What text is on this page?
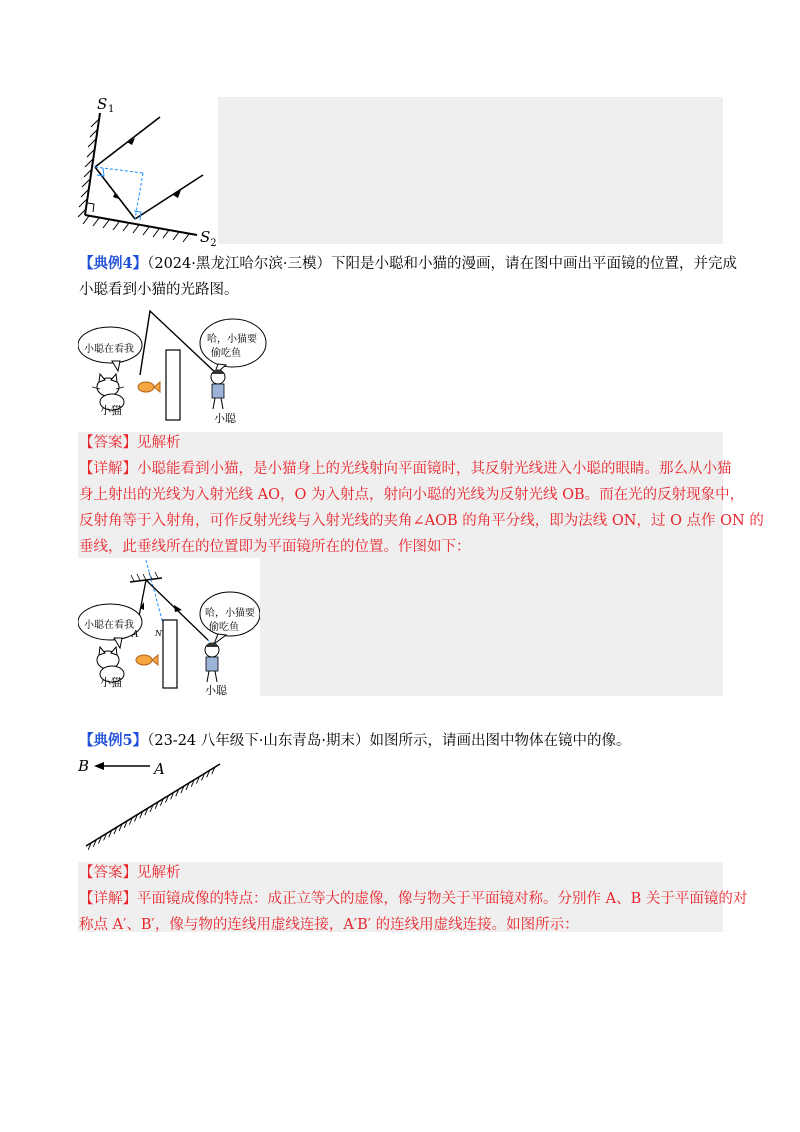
S 1
$S_2$
【典例4】（2024·黑龙江哈尔滨·三模）下阳是小聪和小猫的漫画，请在图中画出平面镜的位置，并完成
小聪看到小猫的光路图。
小聪在看我
哈，小猫要
偷吃鱼
小猫
小聪
【答案】见解析
【详解】小聪能看到小猫，是小猫身上的光线射向平面镜时，其反射光线进入小聪的眼睛。那么从小猫
身上射出的光线为入射光线 AO，O 为入射点，射向小聪的光线为反射光线 OB。而在光的反射现象中，
反射角等于入射角，可作反射光线与入射光线的夹角∠AOB 的角平分线，即为法线 ON，过 O 点作 ON 的
垂线，此垂线所在的位置即为平面镜所在的位置。作图如下：
A N
小聪在看我
哈，小猫要
偷吃鱼
小猫
小聪
【典例5】（23-24 八年级下·山东青岛·期末）如图所示，请画出图中物体在镜中的像。
B	A
【答案】见解析
【详解】平面镜成像的特点：成正立等大的虚像，像与物关于平面镜对称。分别作 A、B 关于平面镜的对
称点 A′、B′，像与物的连线用虚线连接，A′B′ 的连线用虚线连接。如图所示：
